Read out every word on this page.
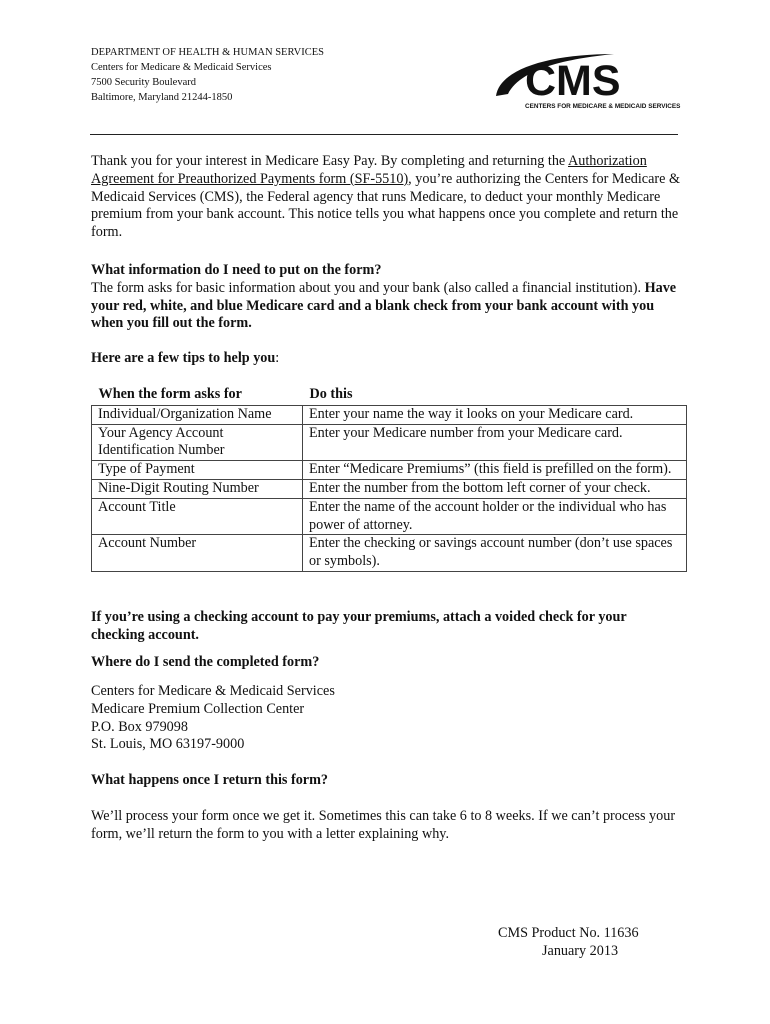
DEPARTMENT OF HEALTH & HUMAN SERVICES
Centers for Medicare & Medicaid Services
7500 Security Boulevard
Baltimore, Maryland 21244-1850	CMS
CENTERS FOR MEDICARE & MEDICAID SERVICES
Thank you for your interest in Medicare Easy Pay. By completing and returning the Authorization Agreement for Preauthorized Payments form (SF-5510), you’re authorizing the Centers for Medicare & Medicaid Services (CMS), the Federal agency that runs Medicare, to deduct your monthly Medicare premium from your bank account. This notice tells you what happens once you complete and return the form.
What information do I need to put on the form?
The form asks for basic information about you and your bank (also called a financial institution). Have your red, white, and blue Medicare card and a blank check from your bank account with you when you fill out the form.
Here are a few tips to help you:
When the form asks for	Do this
Individual/Organization Name	Enter your name the way it looks on your Medicare card.
Your Agency Account Identification Number	Enter your Medicare number from your Medicare card.
Type of Payment	Enter “Medicare Premiums” (this field is prefilled on the form).
Nine-Digit Routing Number	Enter the number from the bottom left corner of your check.
Account Title	Enter the name of the account holder or the individual who has power of attorney.
Account Number	Enter the checking or savings account number (don’t use spaces or symbols).
If you’re using a checking account to pay your premiums, attach a voided check for your checking account.
Where do I send the completed form?
Centers for Medicare & Medicaid Services
Medicare Premium Collection Center
P.O. Box 979098
St. Louis, MO 63197-9000
What happens once I return this form?
We’ll process your form once we get it. Sometimes this can take 6 to 8 weeks. If we can’t process your form, we’ll return the form to you with a letter explaining why.
CMS Product No. 11636
January 2013
